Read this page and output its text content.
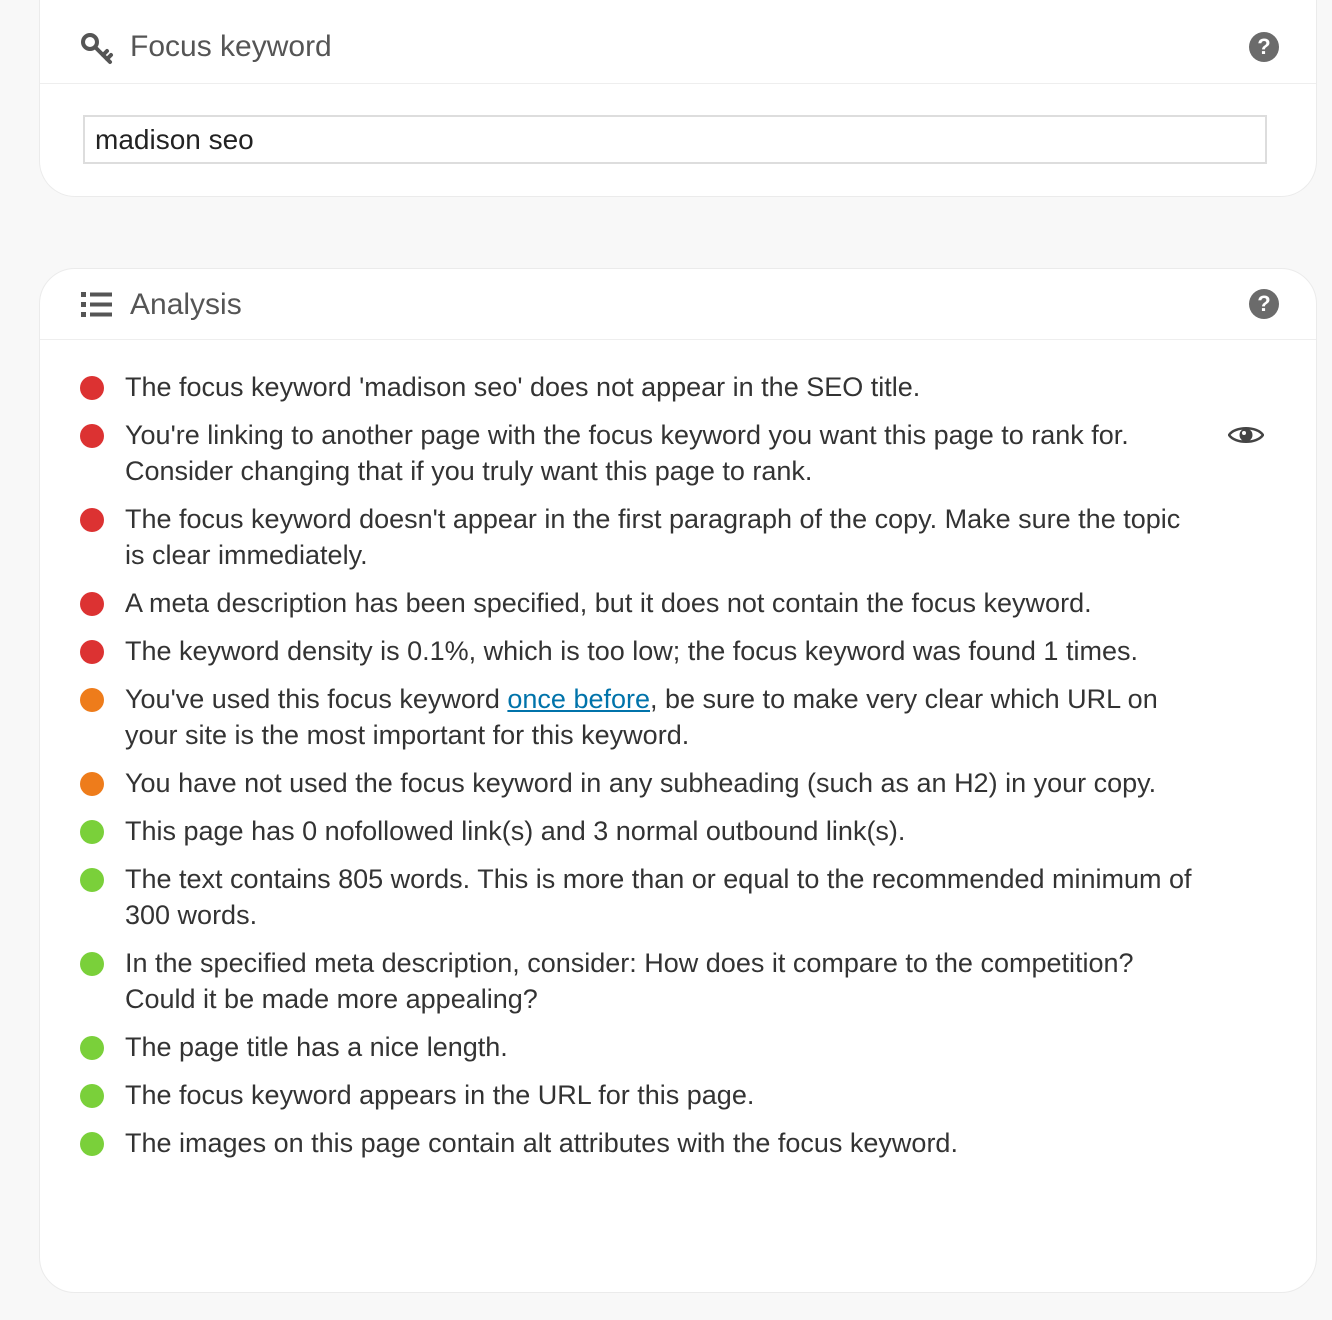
Focus keyword	?
madison seo
Analysis	?
The focus keyword 'madison seo' does not appear in the SEO title.
You're linking to another page with the focus keyword you want this page to rank for. Consider changing that if you truly want this page to rank.
The focus keyword doesn't appear in the first paragraph of the copy. Make sure the topic is clear immediately.
A meta description has been specified, but it does not contain the focus keyword.
The keyword density is 0.1%, which is too low; the focus keyword was found 1 times.
You've used this focus keyword once before, be sure to make very clear which URL on your site is the most important for this keyword.
You have not used the focus keyword in any subheading (such as an H2) in your copy.
This page has 0 nofollowed link(s) and 3 normal outbound link(s).
The text contains 805 words. This is more than or equal to the recommended minimum of 300 words.
In the specified meta description, consider: How does it compare to the competition? Could it be made more appealing?
The page title has a nice length.
The focus keyword appears in the URL for this page.
The images on this page contain alt attributes with the focus keyword.
